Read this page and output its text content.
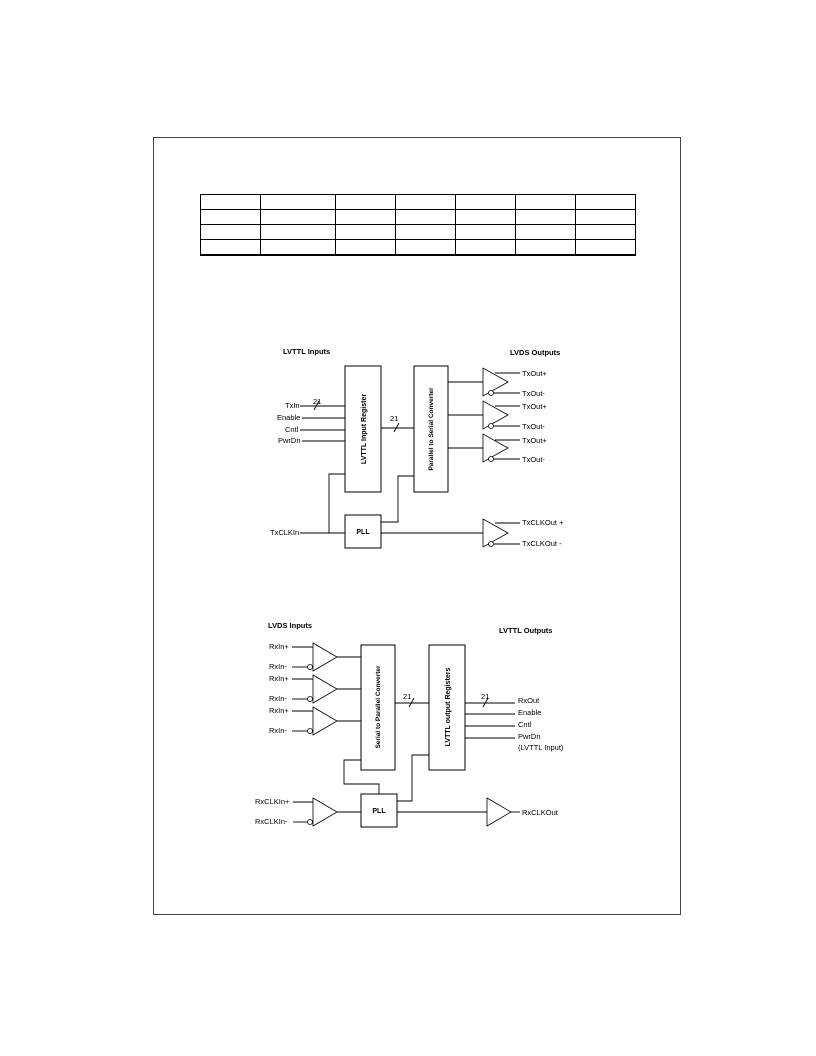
LVTTL Inputs	LVDS Outputs
TxIn
Enable
Cntl
PwrDn
21	LVTTL Input Register	21	Parallel to Serial Converter
TxOut+
TxOut-
TxOut+
TxOut-
TxOut+
TxOut-
TxCLKIn	PLL
TxCLKOut +
TxCLKOut -
LVDS Inputs
LVTTL Outputs
RxIn+
RxIn-
RxIn+
RxIn-
RxIn+
RxIn-	Serial to Parallel Converter	21	LVTTL output Registers	21	RxOut
Enable
Cntl
PwrDn
(LVTTL Input)
RxCLKIn+
RxCLKIn-
PLL	RxCLKOut
